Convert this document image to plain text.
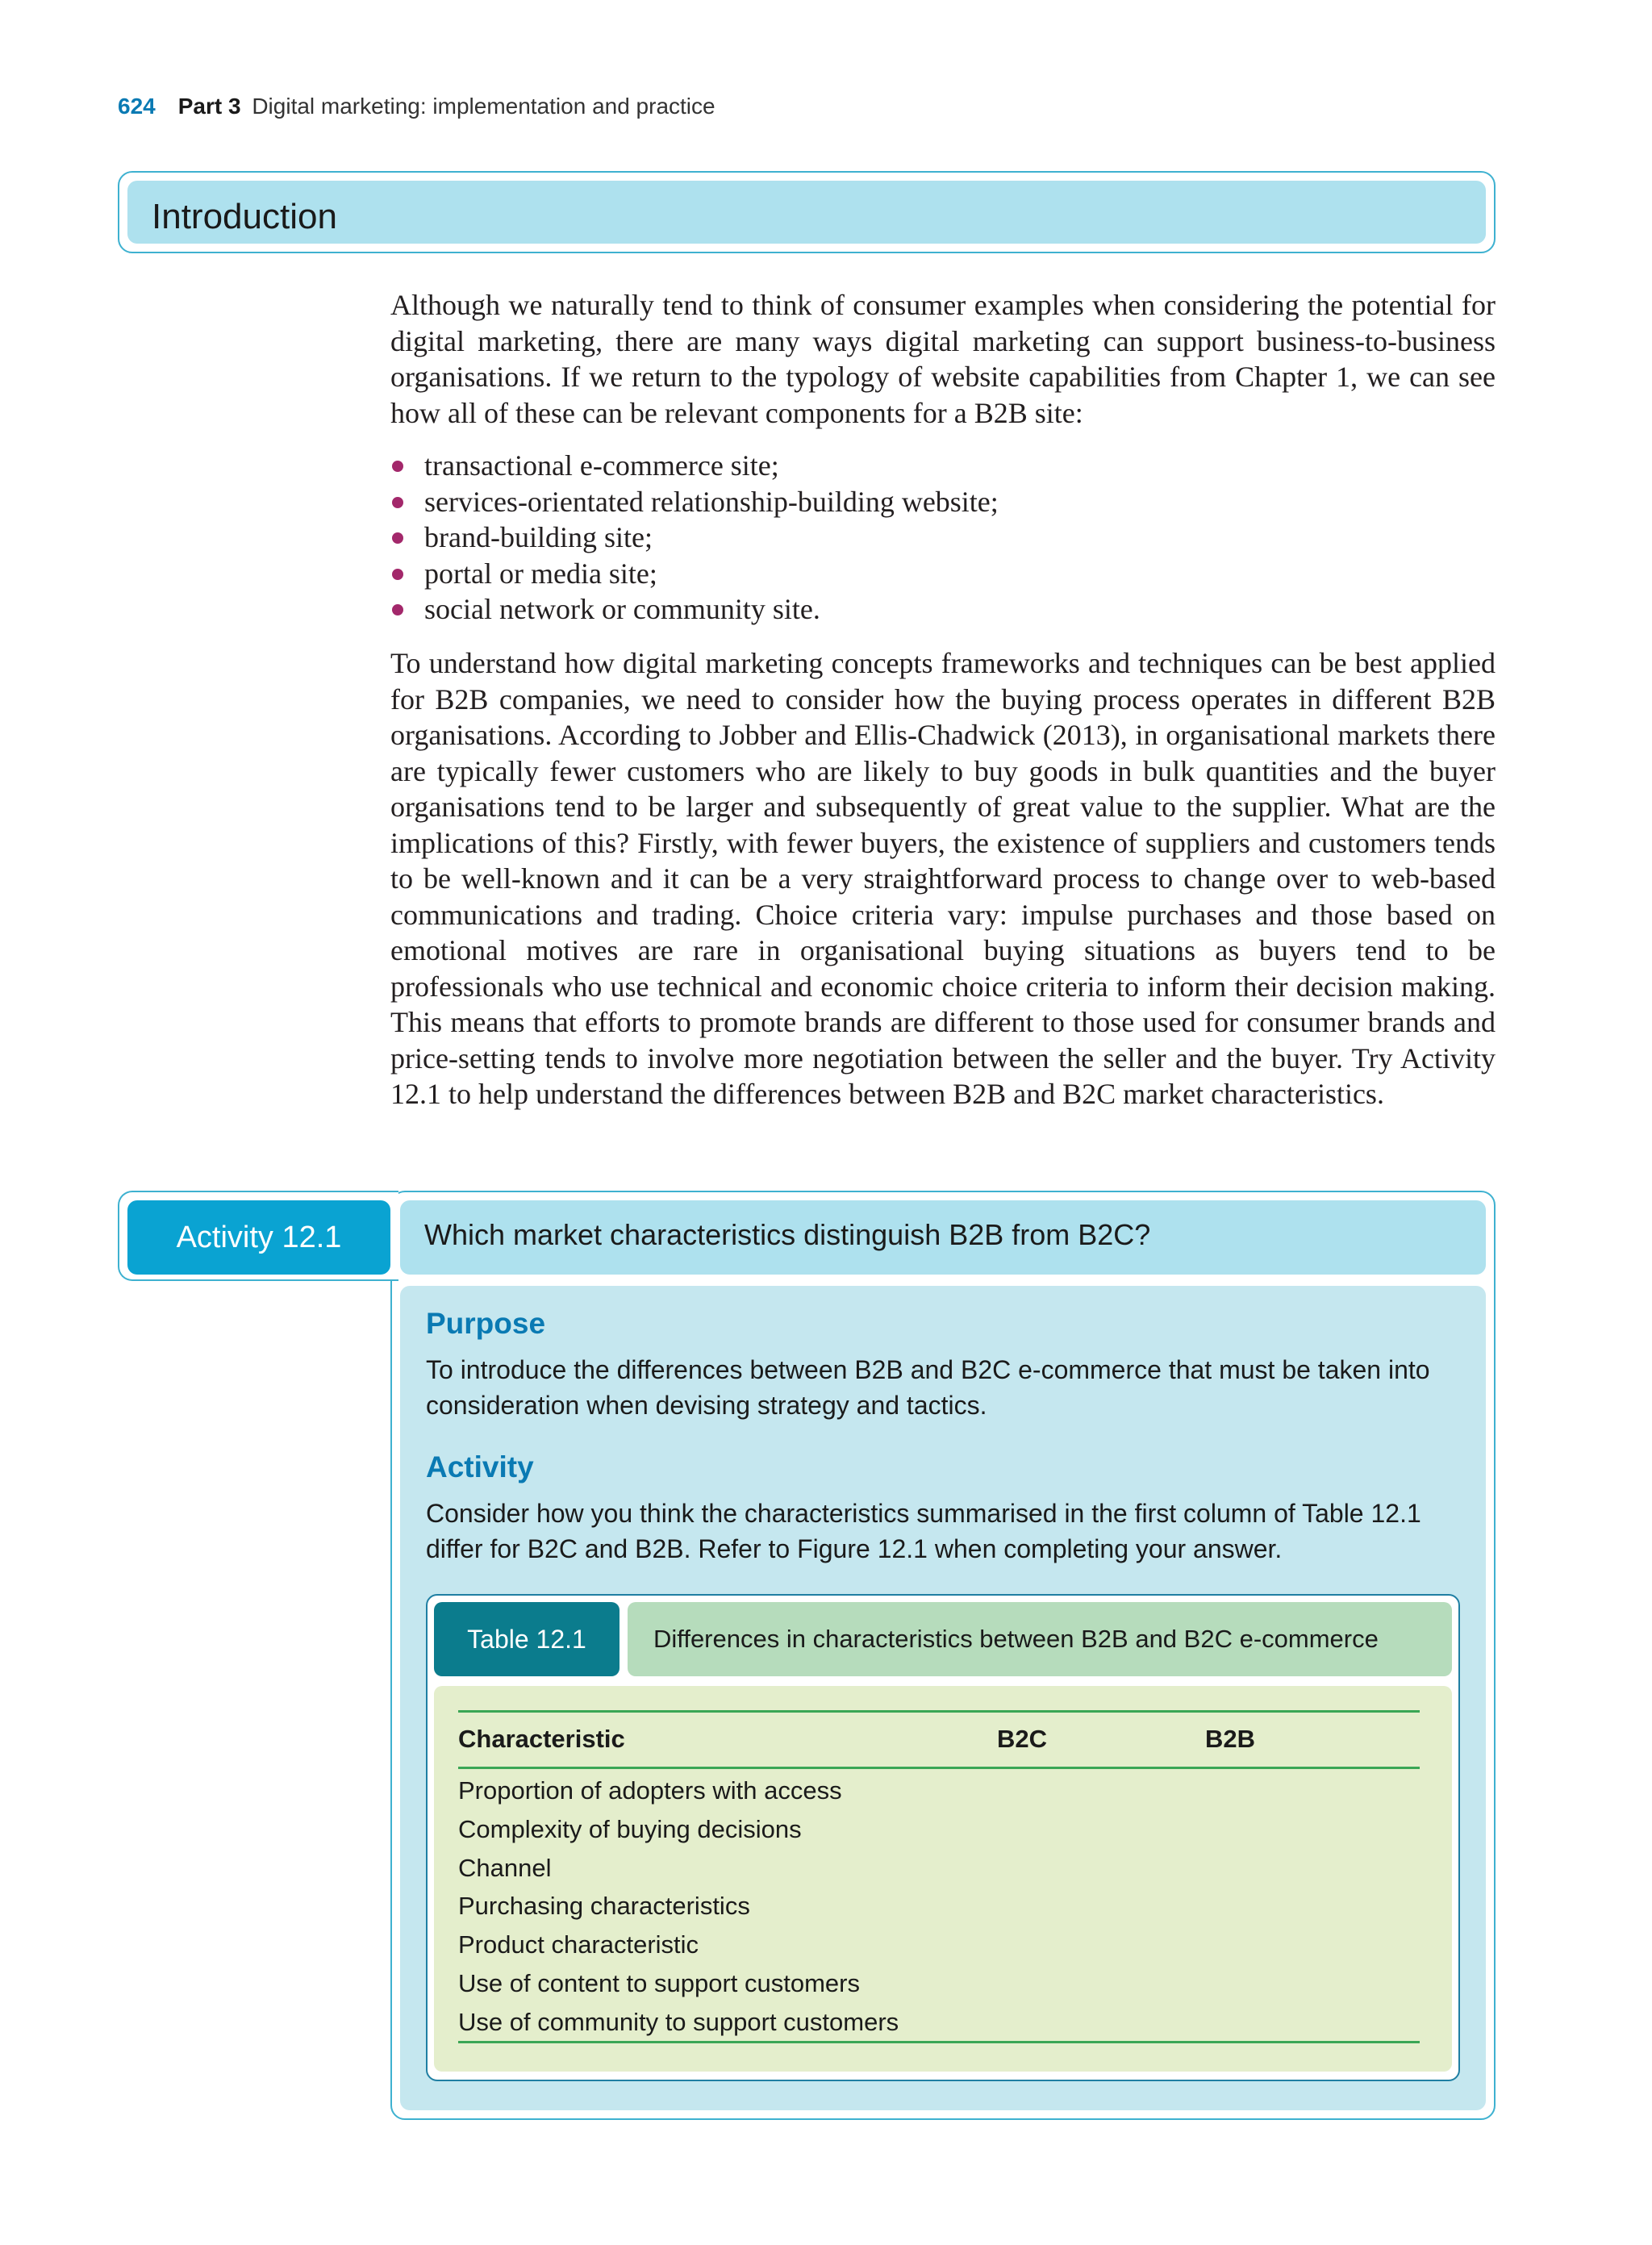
624 Part 3 Digital marketing: implementation and practice
Introduction
Although we naturally tend to think of consumer examples when considering the potential for digital marketing, there are many ways digital marketing can support business-to-business organisations. If we return to the typology of website capabilities from Chapter 1, we can see how all of these can be relevant components for a B2B site:
transactional e-commerce site;
services-orientated relationship-building website;
brand-building site;
portal or media site;
social network or community site.
To understand how digital marketing concepts frameworks and techniques can be best applied for B2B companies, we need to consider how the buying process operates in different B2B organisations. According to Jobber and Ellis-Chadwick (2013), in organisational markets there are typically fewer customers who are likely to buy goods in bulk quantities and the buyer organisations tend to be larger and subsequently of great value to the supplier. What are the implications of this? Firstly, with fewer buyers, the existence of suppliers and customers tends to be well-known and it can be a very straightforward process to change over to web-based communications and trading. Choice criteria vary: impulse purchases and those based on emotional motives are rare in organisational buying situations as buyers tend to be professionals who use technical and economic choice criteria to inform their decision making. This means that efforts to promote brands are different to those used for consumer brands and price-setting tends to involve more negotiation between the seller and the buyer. Try Activity 12.1 to help understand the differences between B2B and B2C market characteristics.
Activity 12.1	Which market characteristics distinguish B2B from B2C?
Purpose
To introduce the differences between B2B and B2C e-commerce that must be taken into consideration when devising strategy and tactics.
Activity
Consider how you think the characteristics summarised in the first column of Table 12.1 differ for B2C and B2B. Refer to Figure 12.1 when completing your answer.
Table 12.1	Differences in characteristics between B2B and B2C e-commerce
Characteristic	B2C	B2B
Proportion of adopters with access
Complexity of buying decisions
Channel
Purchasing characteristics
Product characteristic
Use of content to support customers
Use of community to support customers
